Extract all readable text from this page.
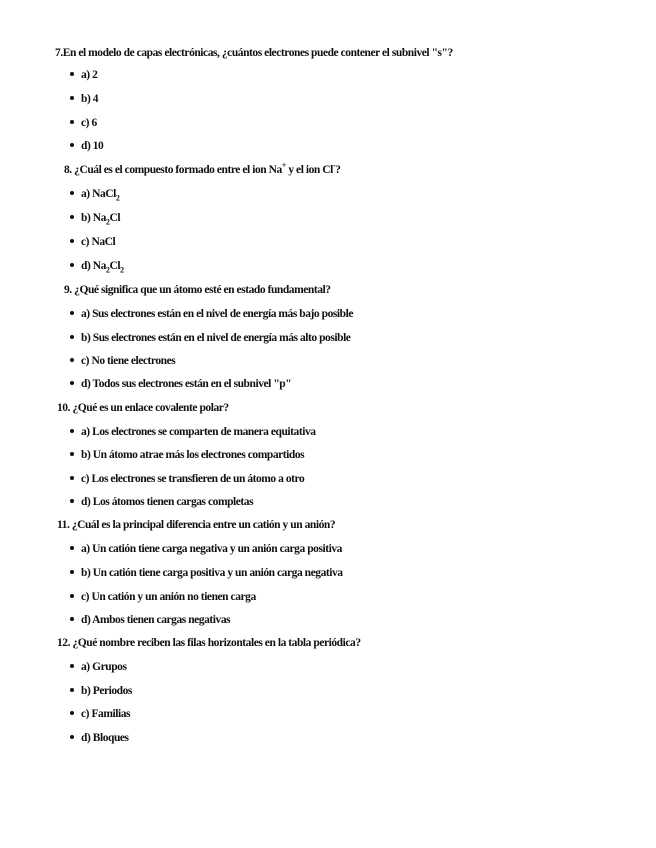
7.En el modelo de capas electrónicas, ¿cuántos electrones puede contener el subnivel "s"?
a) 2
b) 4
c) 6
d) 10
8. ¿Cuál es el compuesto formado entre el ion Na+ y el ion Cl-?
a) NaCl$_2$
b) $Na_2Cl$
c) NaCl
d) $Na_2Cl_2$
9. ¿Qué significa que un átomo esté en estado fundamental?
a) Sus electrones están en el nivel de energía más bajo posible
b) Sus electrones están en el nivel de energía más alto posible
c) No tiene electrones
d) Todos sus electrones están en el subnivel "p"
10. ¿Qué es un enlace covalente polar?
a) Los electrones se comparten de manera equitativa
b) Un átomo atrae más los electrones compartidos
c) Los electrones se transfieren de un átomo a otro
d) Los átomos tienen cargas completas
11. ¿Cuál es la principal diferencia entre un catión y un anión?
a) Un catión tiene carga negativa y un anión carga positiva
b) Un catión tiene carga positiva y un anión carga negativa
c) Un catión y un anión no tienen carga
d) Ambos tienen cargas negativas
12. ¿Qué nombre reciben las filas horizontales en la tabla periódica?
a) Grupos
b) Periodos
c) Familias
d) Bloques
